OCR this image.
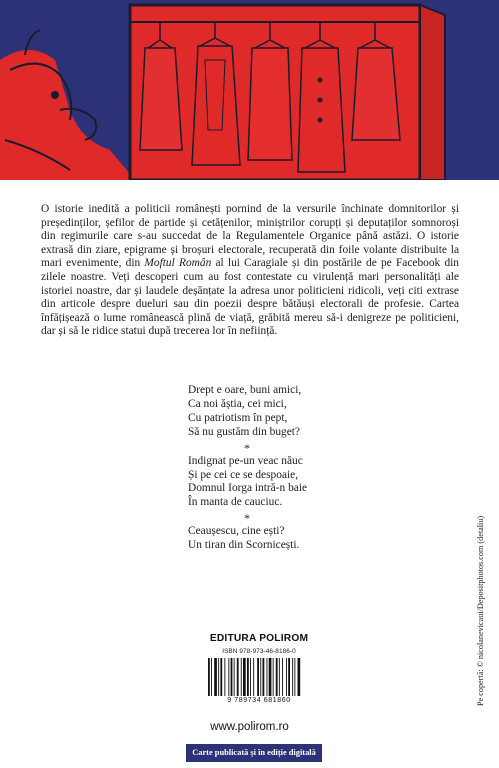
O istorie inedită a politicii românești pornind de la versurile închinate domnitorilor și președinților, șefilor de partide și cetățenilor, miniștrilor corupți și deputaților somnoroși din regimurile care s-au succedat de la Regulamentele Organice până astăzi. O istorie extrasă din ziare, epigrame și broșuri electorale, recuperată din foile volante distribuite la mari evenimente, din Moftul Român al lui Caragiale și din postările de pe Facebook din zilele noastre. Veți descoperi cum au fost contestate cu virulență mari personalități ale istoriei noastre, dar și laudele deșănțate la adresa unor politicieni ridicoli, veți citi extrase din articole despre dueluri sau din poezii despre bătăuși electorali de profesie. Cartea înfățișează o lume românească plină de viață, grăbită mereu să-i denigreze pe politicieni, dar și să le ridice statui după trecerea lor în neființă.

Drept e oare, buni amici,
Ca noi ăștia, cei mici,
Cu patriotism în pept,
Să nu gustăm din buget?
*
Indignat pe-un veac năuc
Și pe cei ce se despoaie,
Domnul Iorga intră-n baie
În manta de cauciuc.
*
Ceaușescu, cine ești?
Un tiran din Scornicești.
EDITURA POLIROM
ISBN 978-973-46-8186-0
9 789734 681860
www.polirom.ro
Carte publicată și în ediție digitală
Pe copertă: © nicolanevicaui/Depositphotos.com (detaliu)
